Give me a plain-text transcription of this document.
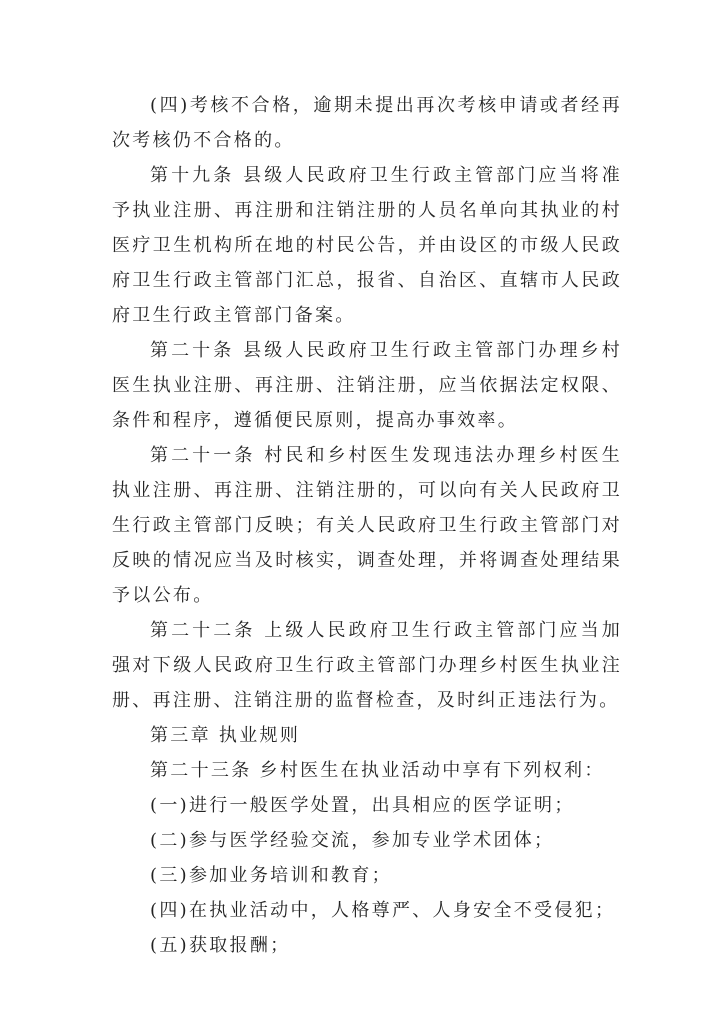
(四)考核不合格，逾期未提出再次考核申请或者经再次考核仍不合格的。

第十九条 县级人民政府卫生行政主管部门应当将准予执业注册、再注册和注销注册的人员名单向其执业的村医疗卫生机构所在地的村民公告，并由设区的市级人民政府卫生行政主管部门汇总，报省、自治区、直辖市人民政府卫生行政主管部门备案。

第二十条 县级人民政府卫生行政主管部门办理乡村医生执业注册、再注册、注销注册，应当依据法定权限、条件和程序，遵循便民原则，提高办事效率。

第二十一条 村民和乡村医生发现违法办理乡村医生执业注册、再注册、注销注册的，可以向有关人民政府卫生行政主管部门反映；有关人民政府卫生行政主管部门对反映的情况应当及时核实，调查处理，并将调查处理结果予以公布。

第二十二条 上级人民政府卫生行政主管部门应当加强对下级人民政府卫生行政主管部门办理乡村医生执业注册、再注册、注销注册的监督检查，及时纠正违法行为。

第三章 执业规则

第二十三条 乡村医生在执业活动中享有下列权利：

(一)进行一般医学处置，出具相应的医学证明；

(二)参与医学经验交流，参加专业学术团体；

(三)参加业务培训和教育；

(四)在执业活动中，人格尊严、人身安全不受侵犯；

(五)获取报酬；
